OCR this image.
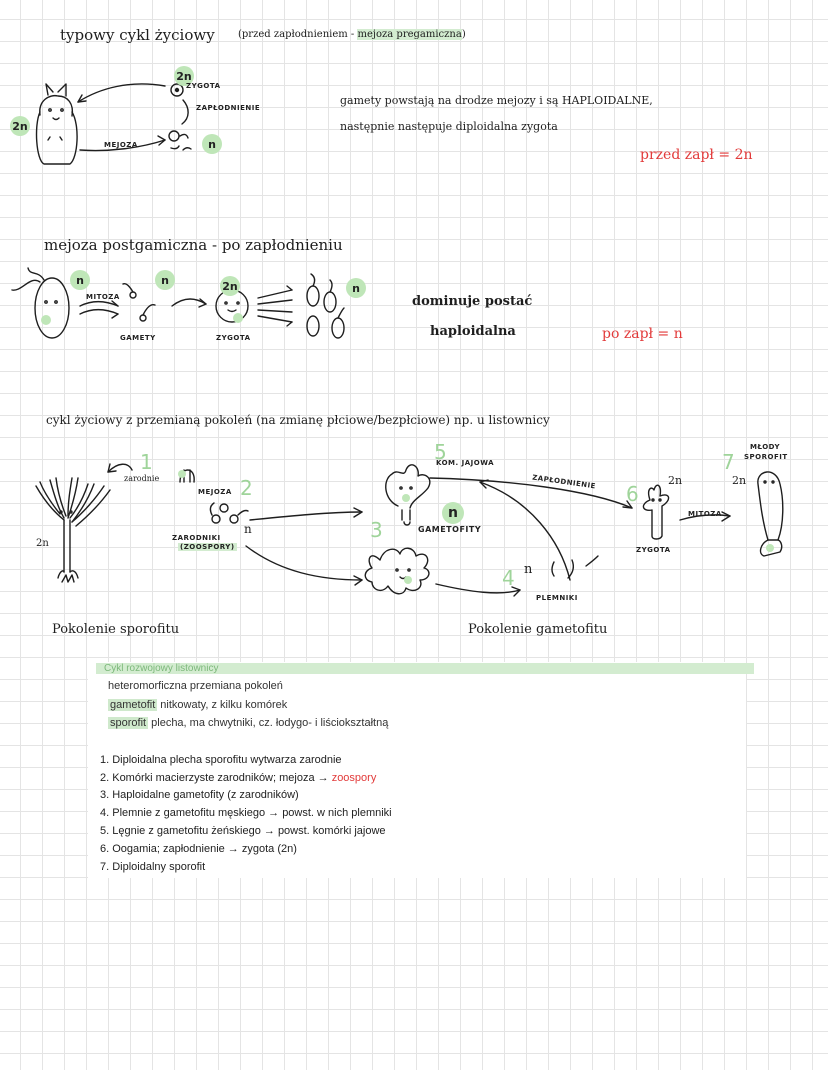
typowy cykl życiowy (przed zapłodnieniem - mejoza pregamiczna)
2n
ZYGOTA
ZAPŁODNIENIE
MEJOZA	n
2n
gamety powstają na drodze mejozy i są HAPLOIDALNE,
następnie następuje diploidalna zygota
przed zapł = 2n
mejoza postgamiczna - po zapłodnieniu
n	n	2n	n
MITOZA
GAMETY	ZYGOTA
dominuje postać
haploidalna	po zapł = n
cykl życiowy z przemianą pokoleń (na zmianę płciowe/bezpłciowe) np. u listownicy
1
zarodnie
MEJOZA 2
n
ZARODNIKI
(ZOOSPORY)
2n
3
5
KOM. JAJOWA
n
GAMETOFITY
4 n
PLEMNIKI
ZAPŁODNIENIE 6
2n
ZYGOTA
MITOZA
7
MŁODY
SPOROFIT
2n
Pokolenie sporofitu	Pokolenie gametofitu
Cykl rozwojowy listownicy
heteromorficzna przemiana pokoleń
gametofit nitkowaty, z kilku komórek
sporofit plecha, ma chwytniki, cz. łodygo- i liściokształtną
1. Diploidalna plecha sporofitu wytwarza zarodnie
2. Komórki macierzyste zarodników; mejoza → zoospory
3. Haploidalne gametofity (z zarodników)
4. Plemnie z gametofitu męskiego → powst. w nich plemniki
5. Lęgnie z gametofitu żeńskiego → powst. komórki jajowe
6. Oogamia; zapłodnienie → zygota (2n)
7. Diploidalny sporofit
